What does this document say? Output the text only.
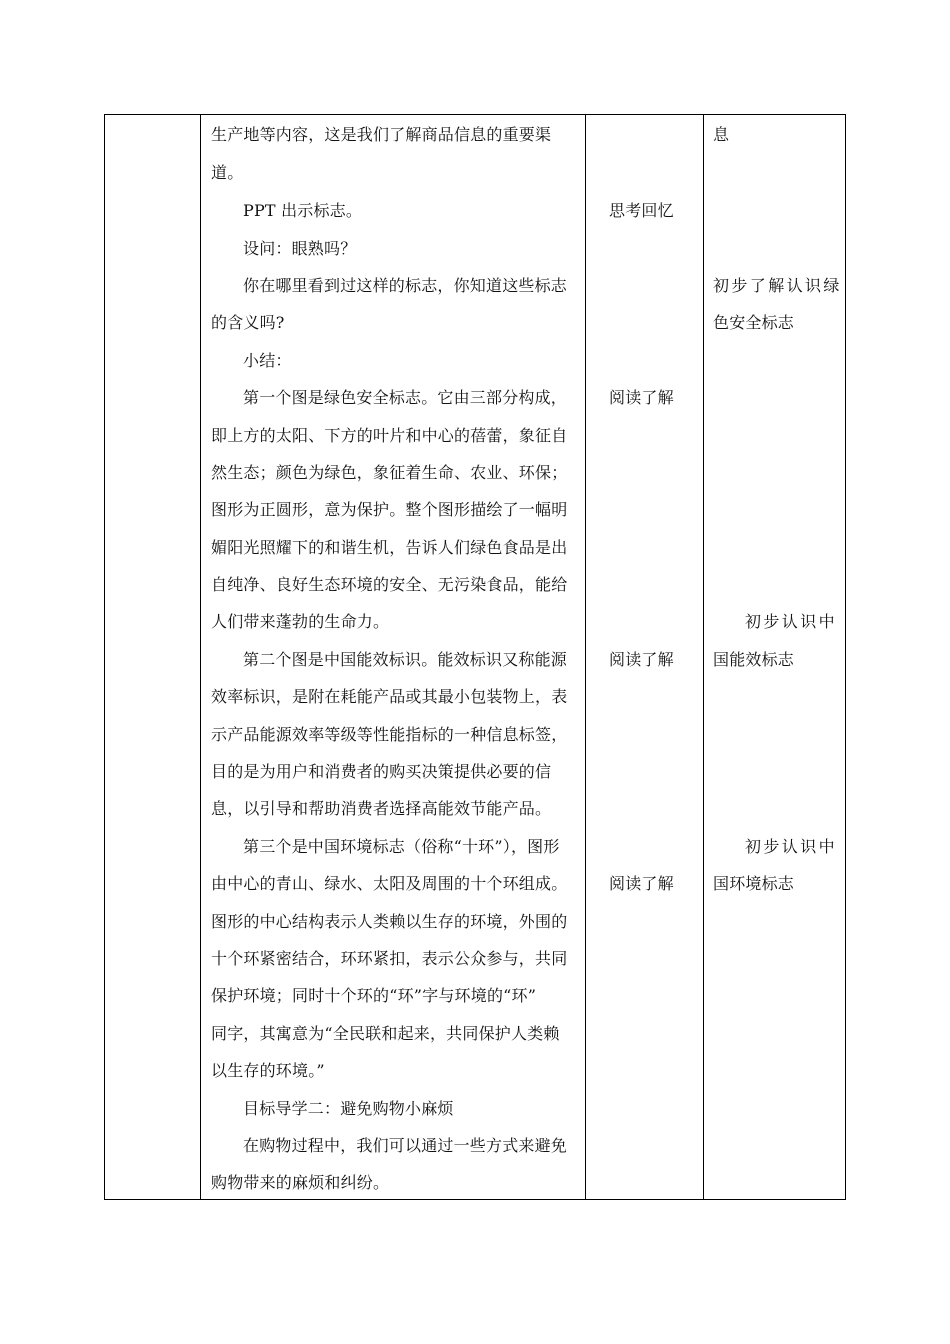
生产地等内容，这是我们了解商品信息的重要渠
道。
PPT 出示标志。
设问：眼熟吗？
你在哪里看到过这样的标志，你知道这些标志
的含义吗?
小结：
第一个图是绿色安全标志。它由三部分构成，
即上方的太阳、下方的叶片和中心的蓓蕾，象征自
然生态；颜色为绿色，象征着生命、农业、环保；
图形为正圆形，意为保护。整个图形描绘了一幅明
媚阳光照耀下的和谐生机，告诉人们绿色食品是出
自纯净、良好生态环境的安全、无污染食品，能给
人们带来蓬勃的生命力。
第二个图是中国能效标识。能效标识又称能源
效率标识，是附在耗能产品或其最小包装物上，表
示产品能源效率等级等性能指标的一种信息标签，
目的是为用户和消费者的购买决策提供必要的信
息，以引导和帮助消费者选择高能效节能产品。
第三个是中国环境标志（俗称“十环”），图形
由中心的青山、绿水、太阳及周围的十个环组成。
图形的中心结构表示人类赖以生存的环境，外围的
十个环紧密结合，环环紧扣，表示公众参与，共同
保护环境；同时十个环的“环”字与环境的“环”
同字，其寓意为“全民联和起来，共同保护人类赖
以生存的环境。”
目标导学二：避免购物小麻烦
在购物过程中，我们可以通过一些方式来避免
购物带来的麻烦和纠纷。
思考回忆
阅读了解
阅读了解
阅读了解
息
初步了解认识绿
色安全标志
初步认识中
国能效标志
初步认识中
国环境标志
